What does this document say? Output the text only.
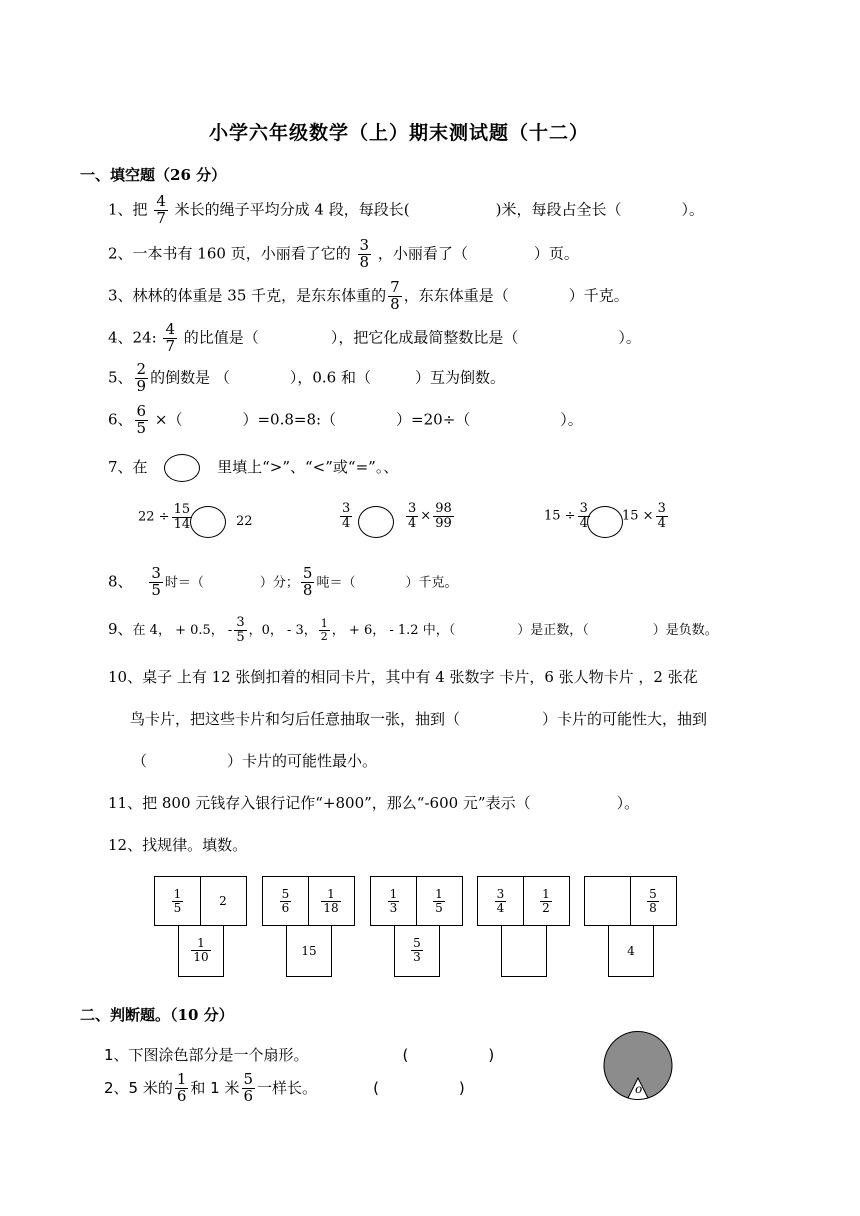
小学六年级数学（上）期末测试题（十二）
一、填空题（26 分）
1、把 $\frac{4}{7}$ 米长的绳子平均分成 4 段，每段长(	)米，每段占全长（	）。
2、一本书有 160 页，小丽看了它的 $\frac{3}{8}$ ，小丽看了（	）页。
3、林林的体重是 35 千克，是东东体重的 $\frac{7}{8}$ ，东东体重是（	）千克。
4、24: $\frac{4}{7}$ 的比值是（	），把它化成最简整数比是（	）。
5、 $\frac{2}{9}$ 的倒数是 （	），0.6 和（	）互为倒数。
6、 $\frac{6}{5}$ ×（	）=0.8=8:（	）=20÷（	）。
7、在	里填上“>”、“<”或“=”。、
$22 \div \frac{15}{14}$	22	$\frac{3}{4}$	$\frac{3}{4} \times \frac{98}{99}$	$15 \div \frac{3}{4} 15 \times \frac{3}{4}$
8、 $\frac{3}{5}$ 时＝（	）分； $\frac{5}{8}$ 吨＝（	）千克。
9、在 4， + 0.5， - $\frac{3}{5}$ ，0， - 3， $\frac{1}{2}$ ， + 6， - 1.2 中，（	）是正数，（	）是负数。
10、桌子 上有 12 张倒扣着的相同卡片，其中有 4 张数字 卡片，6 张人物卡片 ，2 张花
鸟卡片，把这些卡片和匀后任意抽取一张，抽到（	）卡片的可能性大，抽到
（	）卡片的可能性最小。
11、把 800 元钱存入银行记作“+800”，那么“-600 元”表示（	）。
12、找规律。填数。
$\frac{1}{5}$	2
$\frac{1}{10}$
$\frac{5}{6}$	$\frac{1}{18}$
15
$\frac{1}{3}$	$\frac{1}{5}$
$\frac{5}{3}$
$\frac{3}{4}$	$\frac{1}{2}$	$\frac{5}{8}$
4
二、判断题。（10 分）
1、下图涂色部分是一个扇形。	(	)
2、5 米的 $\frac{1}{6}$ 和 1 米 $\frac{5}{6}$ 一样长。	(	)	o
